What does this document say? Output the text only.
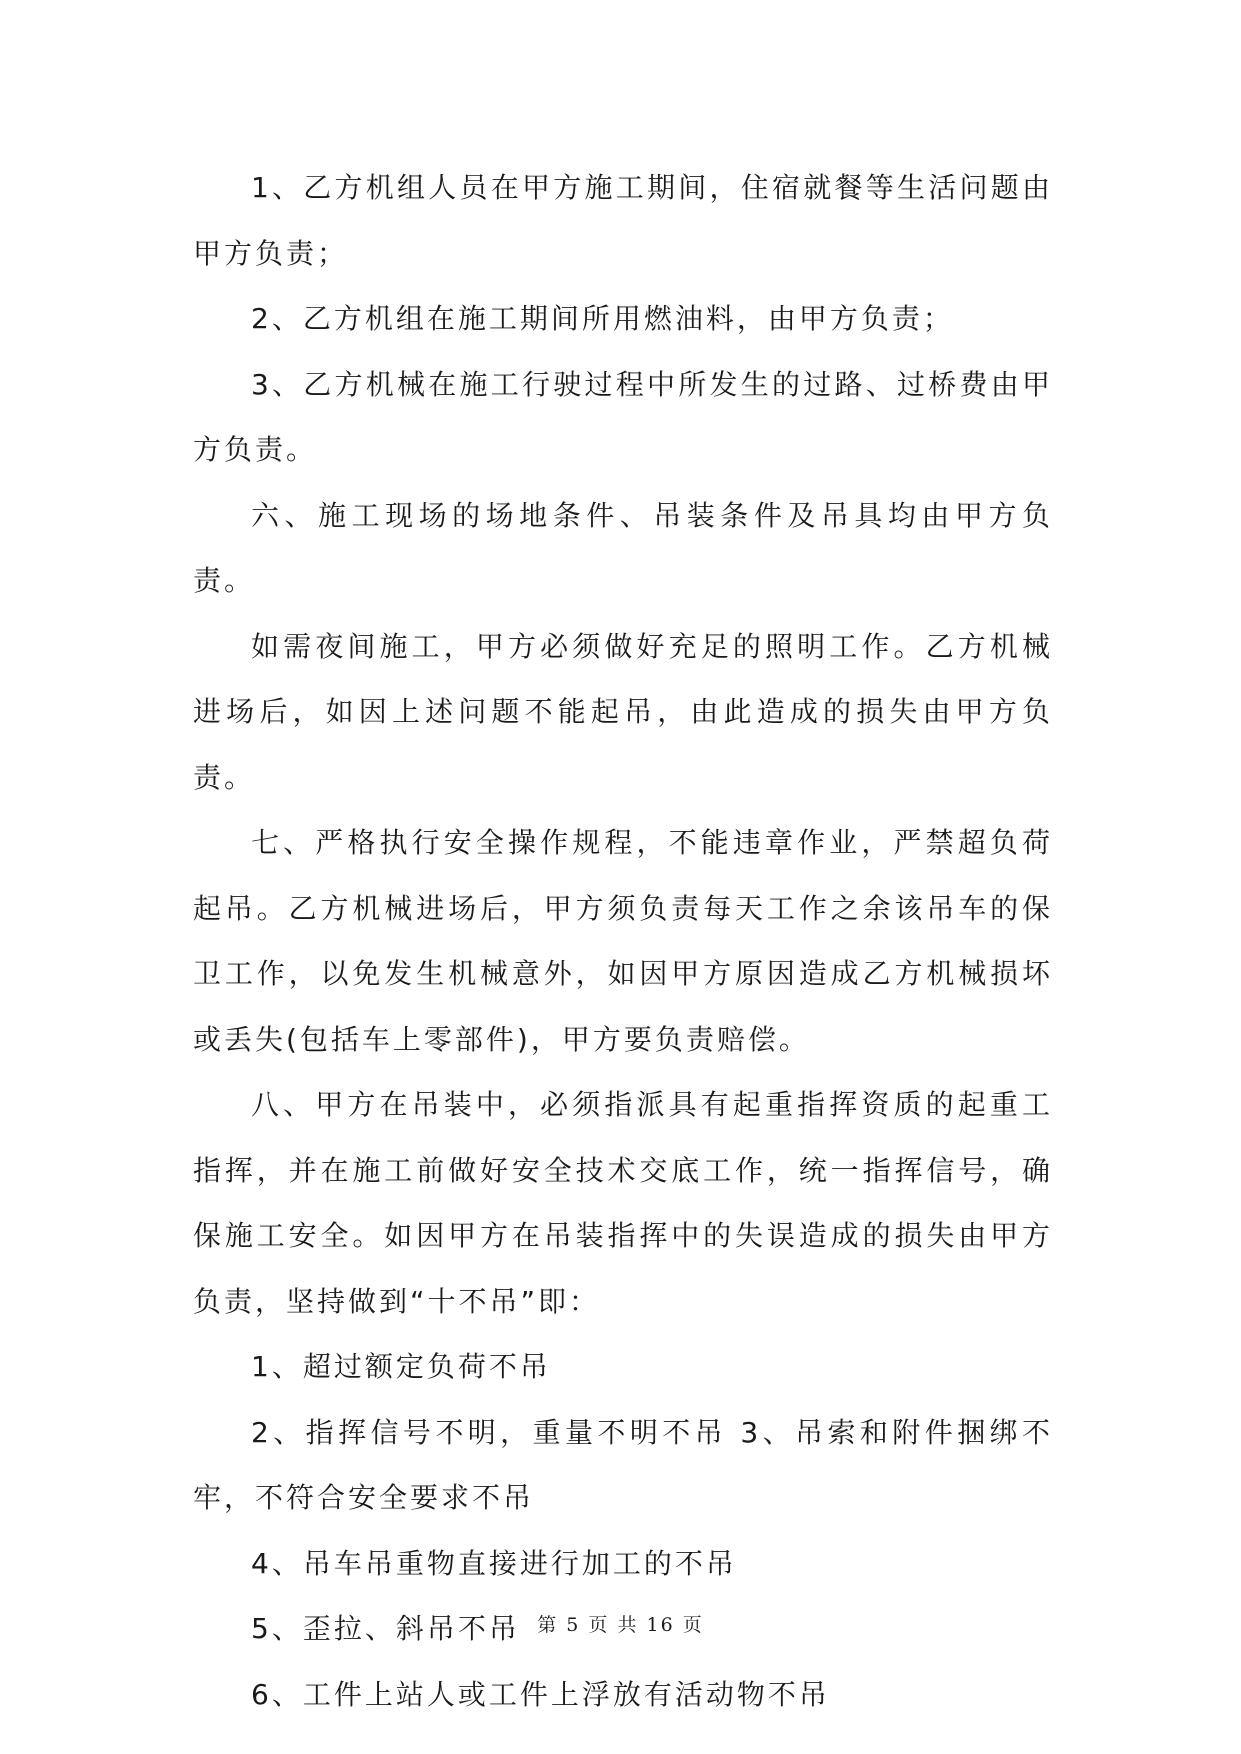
1、乙方机组人员在甲方施工期间，住宿就餐等生活问题由甲方负责；

2、乙方机组在施工期间所用燃油料，由甲方负责；

3、乙方机械在施工行驶过程中所发生的过路、过桥费由甲方负责。

六、施工现场的场地条件、吊装条件及吊具均由甲方负责。

如需夜间施工，甲方必须做好充足的照明工作。乙方机械进场后，如因上述问题不能起吊，由此造成的损失由甲方负责。

七、严格执行安全操作规程，不能违章作业，严禁超负荷起吊。乙方机械进场后，甲方须负责每天工作之余该吊车的保卫工作，以免发生机械意外，如因甲方原因造成乙方机械损坏或丢失(包括车上零部件)，甲方要负责赔偿。

八、甲方在吊装中，必须指派具有起重指挥资质的起重工指挥，并在施工前做好安全技术交底工作，统一指挥信号，确保施工安全。如因甲方在吊装指挥中的失误造成的损失由甲方负责，坚持做到“十不吊”即：

1、超过额定负荷不吊

2、指挥信号不明，重量不明不吊 3、吊索和附件捆绑不牢，不符合安全要求不吊

4、吊车吊重物直接进行加工的不吊

5、歪拉、斜吊不吊

6、工件上站人或工件上浮放有活动物不吊

第 5 页 共 16 页
